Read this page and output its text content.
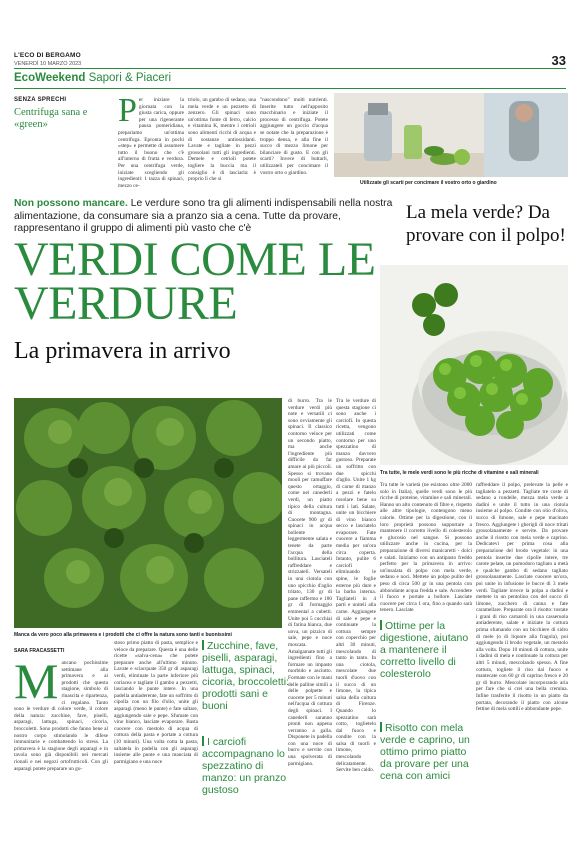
L'ECO DI BERGAMO
VENERDÌ 10 MARZO 2023	33
EcoWeekend Sapori & Piaceri
SENZA SPRECHI
Centrifuga sana e «green»	Per iniziare la giornata con la giusta carica, oppure per una rigenerante pausa pomeridiana, prepariamo un'ottima centrifuga. Epronta in pochi «step» e permette di assumere tutto il buono che c'è all'interno di frutta e verdura. Per una centrifuga verde, iniziate scegliendo gli ingredienti: 1 tazza di spinaci, mezzo ce-
triolo, un gambo di sedano, una mela verde e un pezzetto di zenzero. Gli spinaci sono un'ottima fonte di ferro, calcio e vitamina K, mentre i cetrioli sono alimenti ricchi di acqua e di sostanze antiossidanti. Lavate e tagliate in pezzi grossolani tutti gli ingredienti. Demele e cetrioli potete togliere la buccia ma il consiglio è di lasciarla: è proprio lì che si
"nascondono" molti nutrienti. Inserite tutto nell'apposito macchinario e iniziate il processo di centrifuga. Potete aggiungere un goccio d'acqua se notate che la preparazione è troppo densa, e alla fine il succo di mezzo limone per bilanciare di gusto. E con gli scarti? Invece di buttarli, utilizzateli per concimare il vostro orto o giardino.
Utilizzate gli scarti per concimare il vostro orto o giardino
Non possono mancare. Le verdure sono tra gli alimenti indispensabili nella nostra alimentazione, da consumare sia a pranzo sia a cena. Tutte da provare, rappresentano il gruppo di alimenti più vasto che c'è
VERDI COME LE VERDURE
La primavera in arrivo
La mela verde? Da provare con il polpo!
Tra tutte, le mele verdi sono le più ricche di vitamine e sali minerali
Manca da vero poco alla primavera e i prodotti che ci offre la natura sono tanti e buonissimi
SARA FRACASSETTI
Mancano pochissime settimane alla primavera e ai prodotti che questa stagione, simbolo di rinascita e ripartenza, ci regalano. Tanto sono le verdure di colore verde, il colore della natura: zucchine, fave, piselli, asparagi, lattuga, spinaci, cicoria, broccoletti. Sono prodotti che fanno bene al nostro corpo stimolando le difese immunitarie e combattendo lo stress. La primavera è la stagione degli asparagi e in tavola sono già disponibili nei mercati rionali e nei negozi ortofrutticoli. Con gli asparagi potete preparare un gu-
stoso primo piatto di pasta, semplice e veloce da preparare. Questa è una delle ricette «salva-cena» che potete preparare anche all'ultimo minuto. Lavate e sciacquate 350 gr di asparagi verdi, eliminate la parte inferiore più coriacea e tagliate il gambo a pezzetti, lasciando le punte intere. In una padella antiaderente, fate un soffritto di cipolla con un filo d'olio, unite gli asparagi (meno le punte) e fate saltare, aggiungendo sale e pepe. Sfumate con vino bianco, lasciate evaporare. Basta cuocere con mestolo di acqua di cottura della pasta e portate a cottura (10 minuti). Una volta cotta la pasta, saltatela in padella con gli asparagi insieme alle punte e una manciata di parmigiano e una noce
Zucchine, fave, piselli, asparagi, lattuga, spinaci, cicoria, broccoletti: prodotti sani e buoni
I carciofi accompagnano lo spezzatino di manzo: un pranzo gustoso
di burro. Tra le verdure verdi più note e versatili ci sono ovviamente gli spinaci. Il classico contorno veloce per un secondo piatto, ma anche l'ingrediente più difficile da far amare ai più piccoli. Spesso si trovano mooli per camuffare questo ortaggio, come nei canederli verdi, un piatto tipico della cultura di montagna. Cuocete 900 gr di spinaci in acqua bollente leggermente salata e tenete da parte l'acqua della bollitura. Lasciateli raffreddare e strizzateli. Versateli in una ciotola con uno spicchio d'aglio tritato, 130 gr di pane raffermo e 180 gr di formaggio emmental a cubetti. Unite poi 5 cucchiai di farina bianca, due uova, un pizzico di sale, pepe e noce moscata. Amalgamate tutti gli ingredienti fino a formare un impasto morbido e asciutto. Formate con le mani delle palline simili a delle polpette e cuocete per 5 minuti nell'acqua di cottura degli spinaci. I canederli saranno pronti non appena verranno a galla. Disponete in padella con una noce di burro e servite con una spolverata di parmigiano.
Tra tutte le varietà (ne esistono oltre 2000 solo in Italia), quelle verdi sono le più ricche di proteine, vitamine e sali minerali. Hanno un alto contenuto di fibre e, rispetto alle altre tipologie, contengono meno calorie. Ottime per la digestione, con il loro proprietà possono supportare a mantenere il corretto livello di colesterolo e glucosio nel sangue. Si possono utilizzare anche in cucina, per la preparazione di diversi manicaretti - dolci e salati. Iniziamo con un antipasto freddo perfetto per la primavera in arrivo: un'insalata di polpo con mela verde, sedano e noci. Mettete un polpo pulito del peso di circa 500 gr in una pentola con abbondante acqua fredda e sale. Accendete il fuoco e portate a bollore. Lasciate cuocere per circa 1 ora, fino a quando sarà tenero. Lasciate
Ottime per la digestione, aiutano a mantenere il corretto livello di colesterolo
Risotto con mela verde e caprino, un ottimo primo piatto da provare per una cena con amici
raffreddare il polpo, prelevate la pelle e tagliatelo a pezzetti. Tagliate tre coste di sedano a rondelle, mezza mela verde a dadini e unite il tutto in una ciotola insieme al polpo. Condite con olio d'oliva, succo di limone, sale e pepe macinato fresco. Aggiungete i gherigli di noce tritati grossolanamente e servite. Da provare anche il risotto con mela verde e caprino. Dedicatevi per prima cosa alla preparazione del brodo vegetale: in una pentola inserite due cipolle intere, tre carote pelate, un pomodoro tagliato a metà e qualche gambo di sedano tagliato grossolanamente. Lasciate cuocere un'ora, poi unite in infusione le bucce di 3 mele verdi. Tagliate invece la polpa a dadini e mettete in un pentolino con del succo di limone, zucchero di canna e fate caramellare. Preparate ora il risotto: tostate i grani di riso carnaroli in una casseruola antiaderente, salate e iniziate la cottura prima sfumando con un bicchiere di sidro di mele (o di liquore alla fragola), poi aggiungendo il brodo vegetale, un mestolo alla volta. Dopo 10 minuti di cottura, unite i dadini di mela e continuate la cottura per altri 5 minuti, mescolando spesso. A fine cottura, togliete il riso dal fuoco e mantecate con 60 gr di caprino fresco e 20 gr di burro. Mescolate incorporando aria per fare che si crei una bella cremina. Infine trasferite il risotto in un piatto da portata, decorando il piatto con alcune fettine di mela sottili e abbondante pepe.
Tra le verdure di questa stagione ci sono anche i carciofi. In questa ricetta, vengono utilizzati come contorno per uno spezzatino di manzo davvero gustoso. Preparate un soffritto con due spicchi d'aglio. Unite 1 kg di carne di manzo a pezzi e fatelo rosolare bene su tutti i lati. Salate, unite un bicchiere di vino bianco secco e lasciatelo evaporare. Fate cuocere a fiamma media per un'ora circa coperta. Intanto, pulite 6 carciofi eliminando le spine, le foglie esterne più dure e la barba interna. Tagliateli in 4 parti e uniteli alla carne. Aggiungete di sale e pepe e continuate la cottura sempre con coperchio per altri 30 minuti, mescolando di tanto in tanto. In una ciotola, mescolate due tuorli d'uovo con il succo di un limone, la tipica salsa della cultura di Firenze. Quando lo spezzatino sarà cotto, toglietelo dal fuoco e condite con la salsa di tuorli e limone, mescolando delicatamente. Servite ben caldo.
